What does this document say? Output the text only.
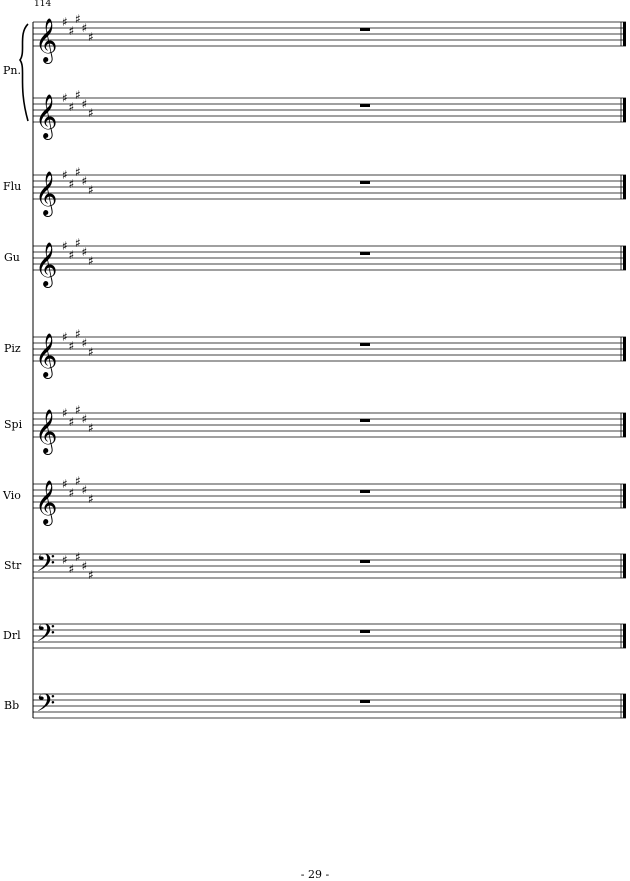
114
𝄞 ♯
♯
♯
♯
♯
𝄞 ♯
♯
♯
♯
♯
𝄞 ♯
♯
♯
♯
♯
𝄞 ♯
♯
♯
♯
♯
𝄞 ♯
♯
♯
♯
♯
𝄞 ♯
♯
♯
♯
♯
𝄞 ♯
♯
♯
♯
♯
𝄢 ♯
♯
♯
♯
♯
𝄢
𝄢
- 29 -
Pn.
Flu
Gu
Piz
Spi
Vio
Str
Drl
Bb
